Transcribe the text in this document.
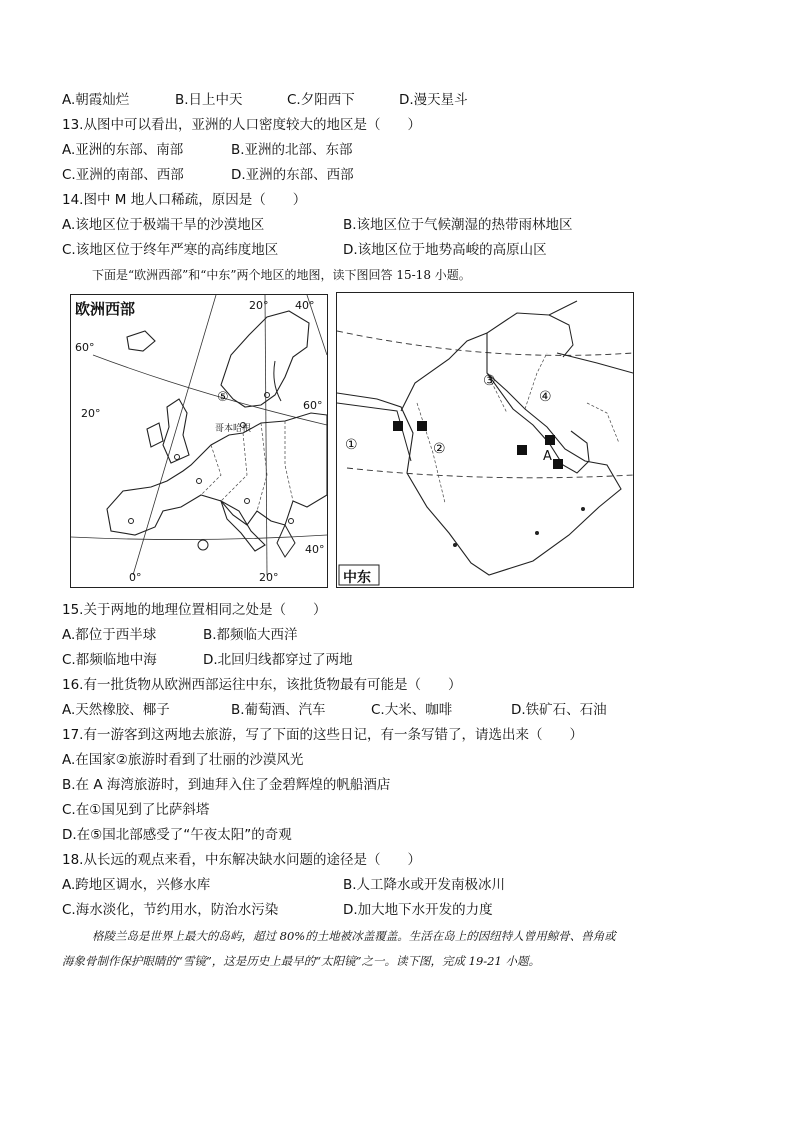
A.朝霞灿烂	B.日上中天	C.夕阳西下	D.漫天星斗
13.从图中可以看出，亚洲的人口密度较大的地区是（　　）
A.亚洲的东部、南部	B.亚洲的北部、东部
C.亚洲的南部、西部	D.亚洲的东部、西部
14.图中 M 地人口稀疏，原因是（　　）
A.该地区位于极端干旱的沙漠地区	B.该地区位于气候潮湿的热带雨林地区
C.该地区位于终年严寒的高纬度地区	D.该地区位于地势高峻的高原山区
下面是“欧洲西部”和“中东”两个地区的地图，读下图回答 15-18 小题。
欧洲西部
60°
20°
60°
40°
20° 40°
0°	20°
哥本哈根
⑤
中东
①	②
③
④
A
15.关于两地的地理位置相同之处是（　　）
A.都位于西半球	B.都频临大西洋
C.都频临地中海	D.北回归线都穿过了两地
16.有一批货物从欧洲西部运往中东，该批货物最有可能是（　　）
A.天然橡胶、椰子	B.葡萄酒、汽车	C.大米、咖啡	D.铁矿石、石油
17.有一游客到这两地去旅游，写了下面的这些日记，有一条写错了，请选出来（　　）
A.在国家②旅游时看到了壮丽的沙漠风光
B.在 A 海湾旅游时，到迪拜入住了金碧辉煌的帆船酒店
C.在①国见到了比萨斜塔
D.在⑤国北部感受了“午夜太阳”的奇观
18.从长远的观点来看，中东解决缺水问题的途径是（　　）
A.跨地区调水，兴修水库	B.人工降水或开发南极冰川
C.海水淡化，节约用水，防治水污染	D.加大地下水开发的力度
格陵兰岛是世界上最大的岛屿，超过 80%的土地被冰盖覆盖。生活在岛上的因纽特人曾用鲸骨、兽角或
海象骨制作保护眼睛的“雪镜”，这是历史上最早的“太阳镜”之一。读下图，完成 19-21 小题。
